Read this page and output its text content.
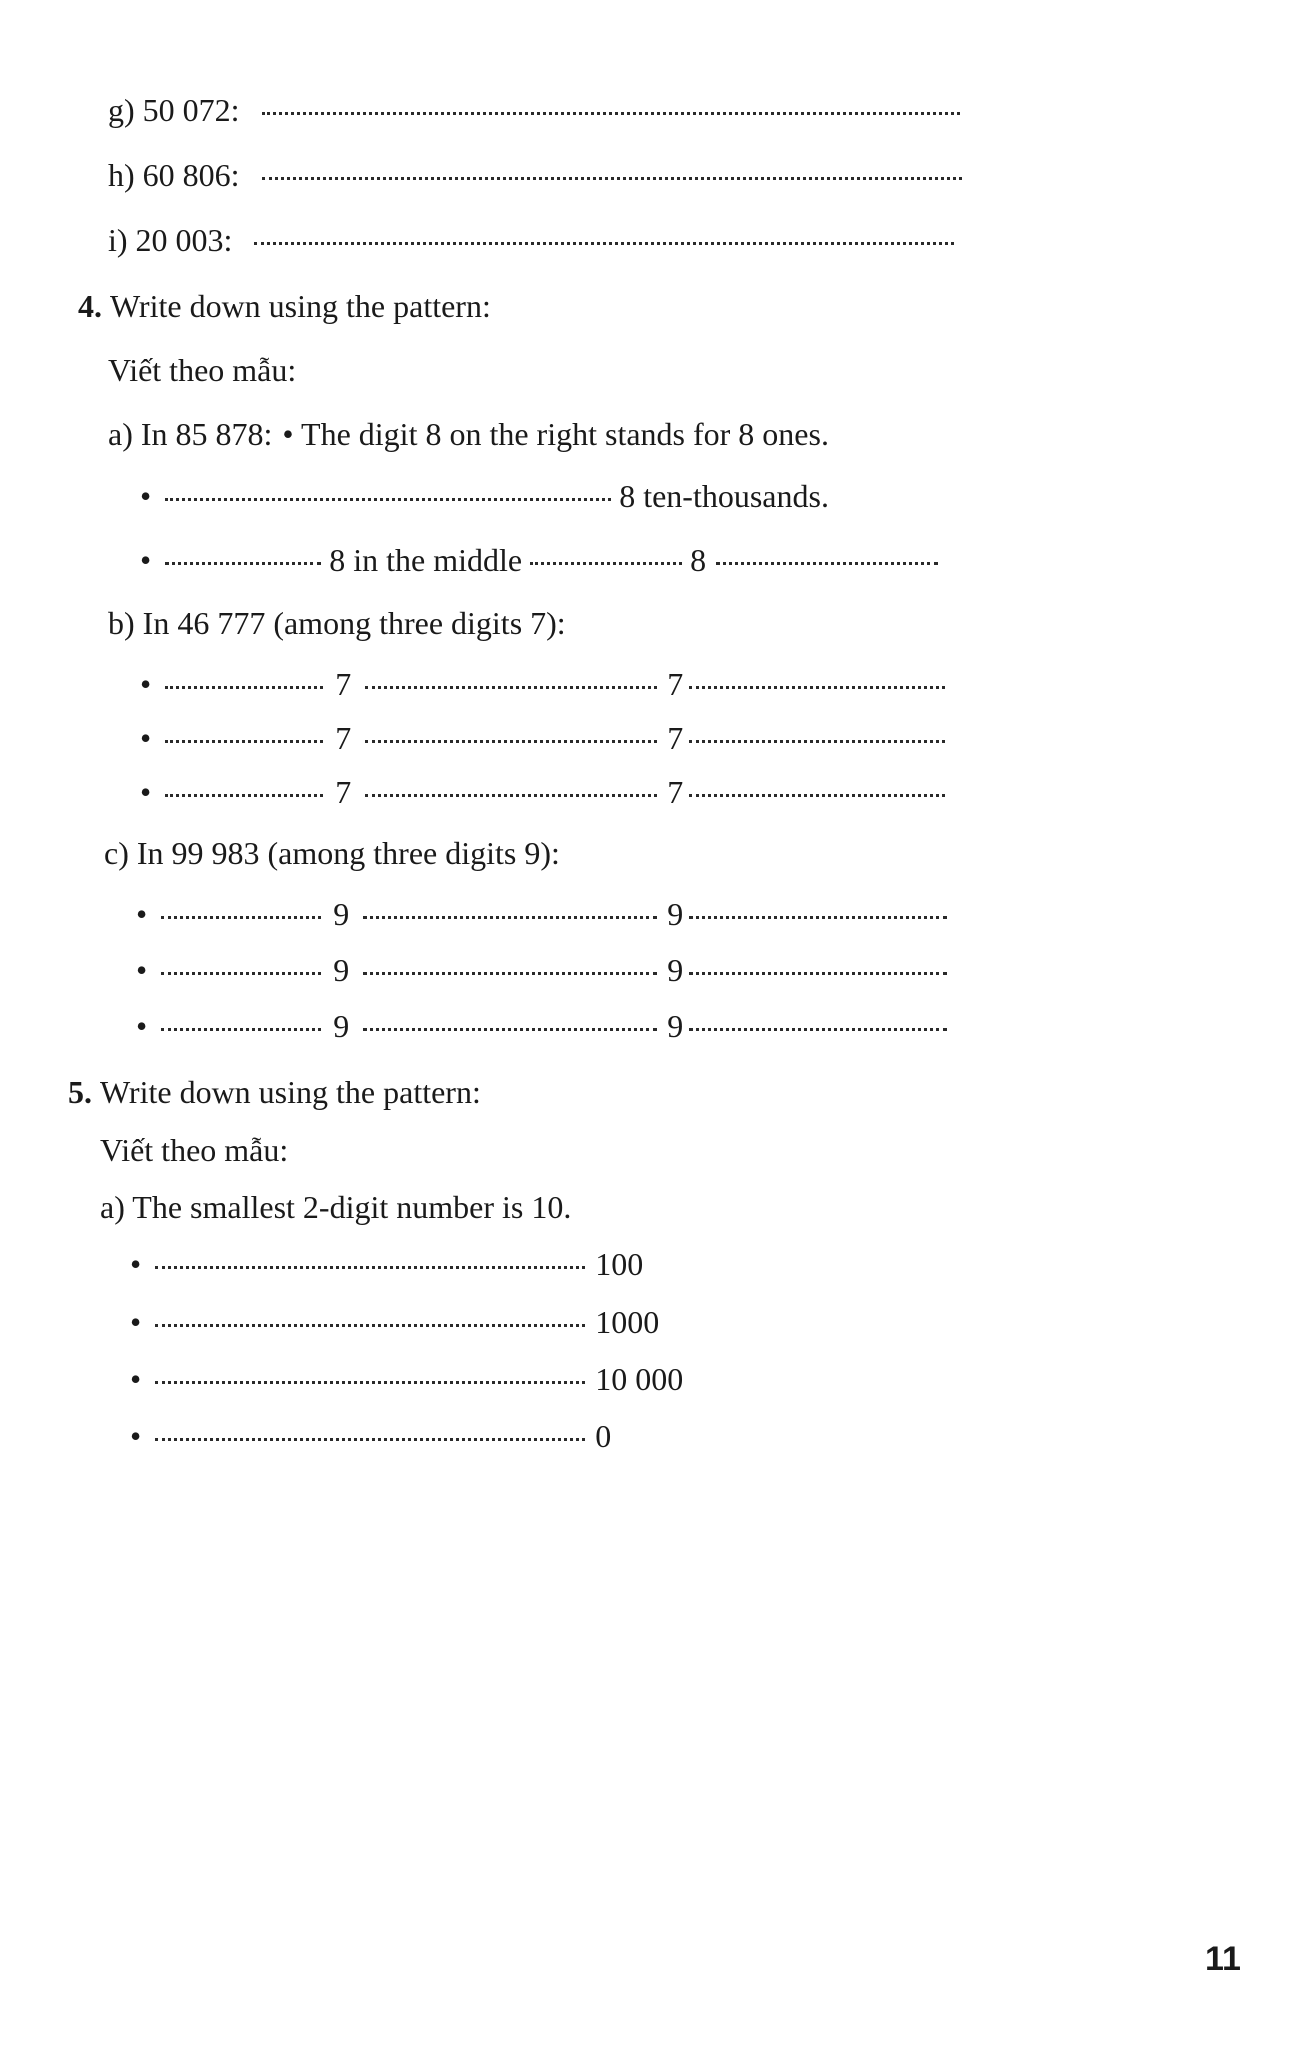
g) 50 072:
h) 60 806:
i) 20 003:
4. Write down using the pattern:
Viết theo mẫu:
a) In 85 878: • The digit 8 on the right stands for 8 ones.
•	8 ten-thousands.
•	8 in the middle	8
b) In 46 777 (among three digits 7):
•	7	7
•	7	7
•	7	7
c) In 99 983 (among three digits 9):
•	9	9
•	9	9
•	9	9
5. Write down using the pattern:
Viết theo mẫu:
a) The smallest 2-digit number is 10.
•	100
•	1000
•	10 000
•	0
11
